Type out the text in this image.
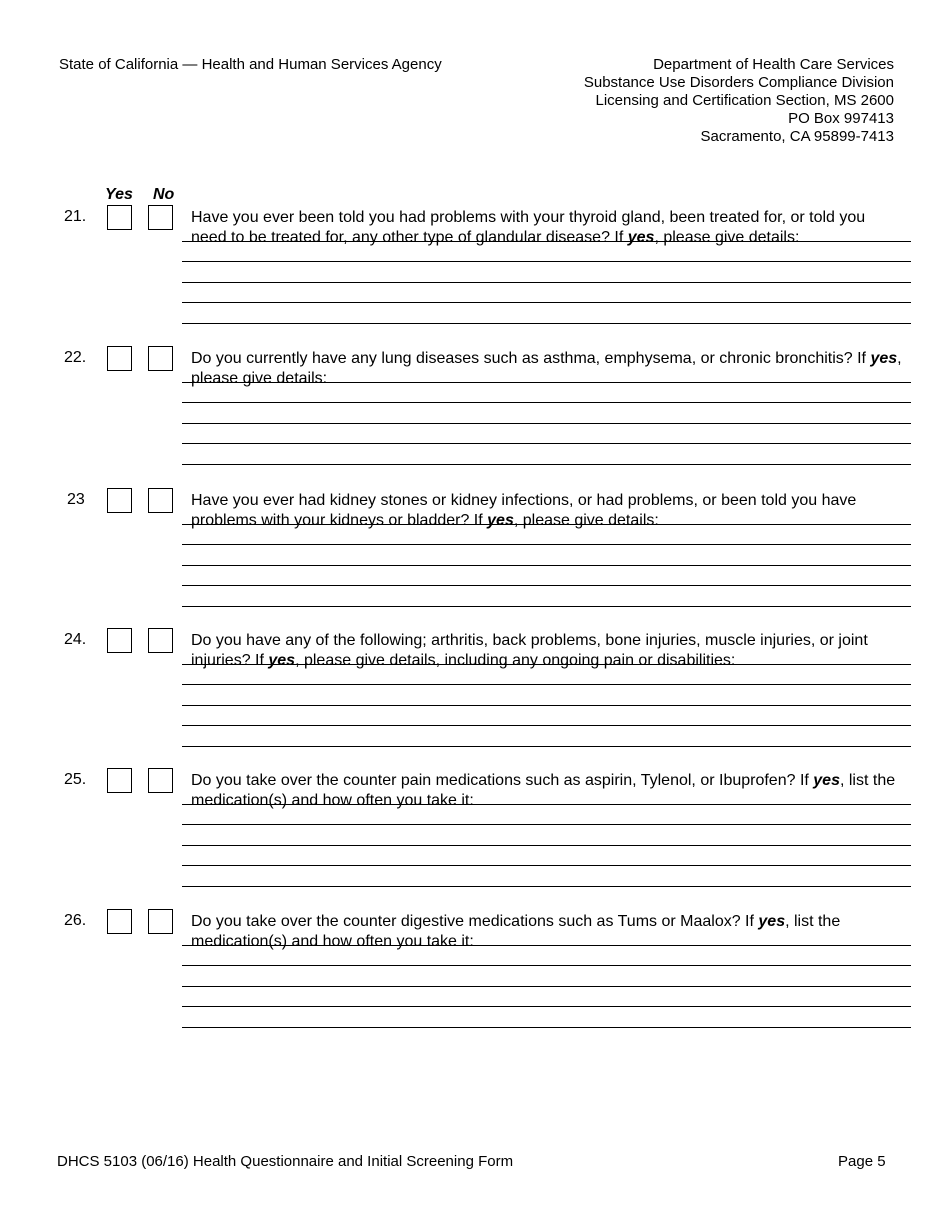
State of California — Health and Human Services Agency	Department of Health Care Services
Substance Use Disorders Compliance Division
Licensing and Certification Section, MS 2600
PO Box 997413
Sacramento, CA 95899-7413
Yes No
21.	Have you ever been told you had problems with your thyroid gland, been treated for, or told you need to be treated for, any other type of glandular disease? If yes, please give details:
22.	Do you currently have any lung diseases such as asthma, emphysema, or chronic bronchitis? If yes, please give details:
23	Have you ever had kidney stones or kidney infections, or had problems, or been told you have problems with your kidneys or bladder? If yes, please give details:
24.	Do you have any of the following; arthritis, back problems, bone injuries, muscle injuries, or joint injuries? If yes, please give details, including any ongoing pain or disabilities:
25.	Do you take over the counter pain medications such as aspirin, Tylenol, or Ibuprofen? If yes, list the medication(s) and how often you take it:
26.	Do you take over the counter digestive medications such as Tums or Maalox? If yes, list the medication(s) and how often you take it:
DHCS 5103 (06/16) Health Questionnaire and Initial Screening Form	Page 5
